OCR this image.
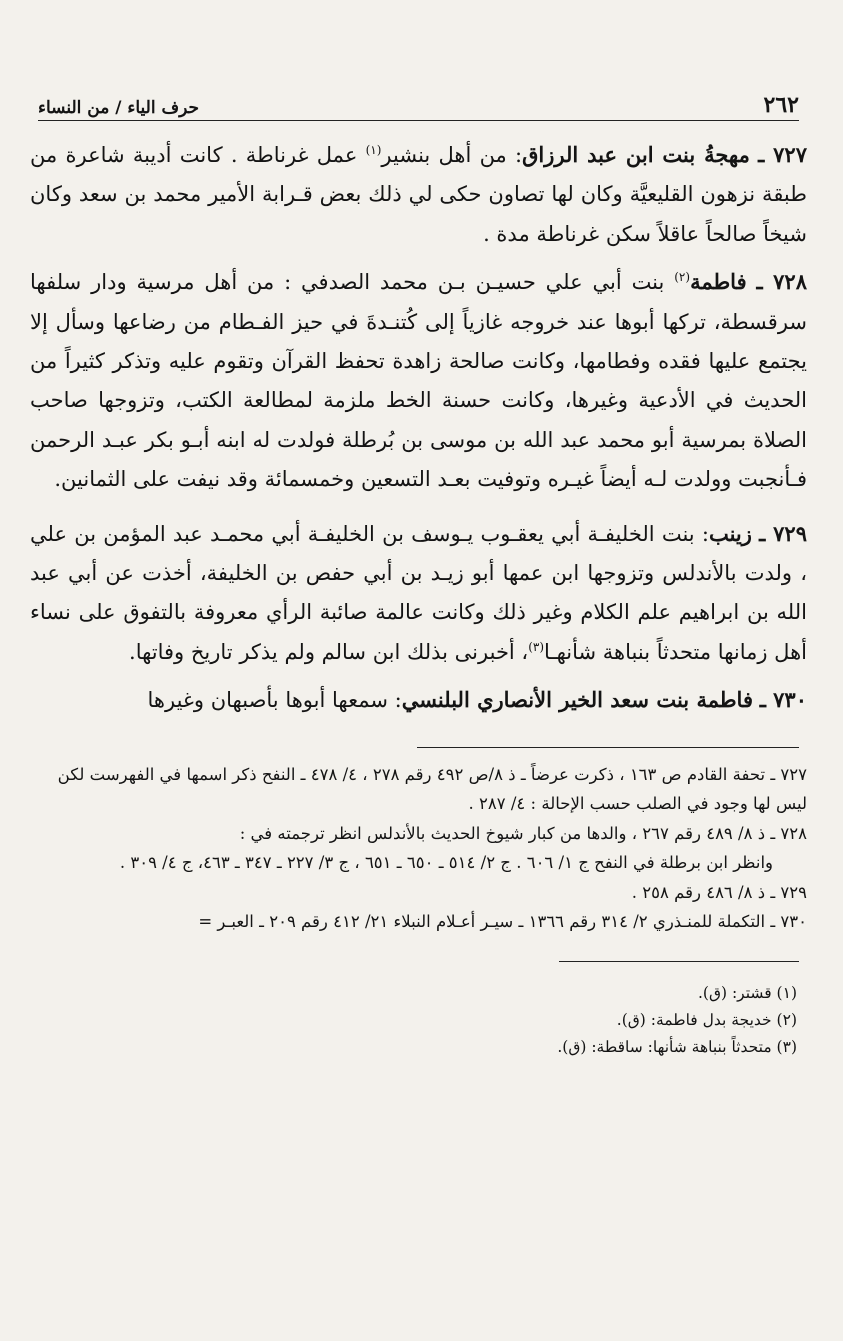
٢٦٢
حرف الياء / من النساء

٧٢٧ ـ مهجةُ بنت ابن عبد الرزاق: من أهل بنشير$^{(١)}$ عمل غرناطة . كانت أديبة شاعرة من طبقة نزهون القليعيَّة وكان لها تصاون حكى لي ذلك بعض قـرابة الأمير محمد بن سعد وكان شيخاً صالحاً عاقلاً سكن غرناطة مدة .

٧٢٨ ـ فاطمة$^{(٢)}$ بنت أبي علي حسيـن بـن محمد الصدفي : من أهل مرسية ودار سلفها سرقسطة، تركها أبوها عند خروجه غازياً إلى كُتنـدةَ في حيز الفـطام من رضاعها وسأل إلا يجتمع عليها فقده وفطامها، وكانت صالحة زاهدة تحفظ القرآن وتقوم عليه وتذكر كثيراً من الحديث في الأدعية وغيرها، وكانت حسنة الخط ملزمة لمطالعة الكتب، وتزوجها صاحب الصلاة بمرسية أبو محمد عبد الله بن موسى بن بُرطلة فولدت له ابنه أبـو بكر عبـد الرحمن فـأنجبت وولدت لـه أيضاً غيـره وتوفيت بعـد التسعين وخمسمائة وقد نيفت على الثمانين.

٧٢٩ ـ زينب: بنت الخليفـة أبي يعقـوب يـوسف بن الخليفـة أبي محمـد عبد المؤمن بن علي ، ولدت بالأندلس وتزوجها ابن عمها أبو زيـد بن أبي حفص بن الخليفة، أخذت عن أبي عبد الله بن ابراهيم علم الكلام وغير ذلك وكانت عالمة صائبة الرأي معروفة بالتفوق على نساء أهل زمانها متحدثاً بنباهة شأنهـا$^{(٣)}$، أخبرنى بذلك ابن سالم ولم يذكر تاريخ وفاتها.

٧٣٠ ـ فاطمة بنت سعد الخير الأنصاري البلنسي: سمعها أبوها بأصبهان وغيرها

٧٢٧ ـ تحفة القادم ص ١٦٣ ، ذكرت عرضاً ـ ذ ٨/ص ٤٩٢ رقم ٢٧٨ ، ٤/ ٤٧٨ ـ النفح ذكر اسمها في الفهرست لكن ليس لها وجود في الصلب حسب الإحالة : ٤/ ٢٨٧ .

٧٢٨ ـ ذ ٨/ ٤٨٩ رقم ٢٦٧ ، والدها من كبار شيوخ الحديث بالأندلس انظر ترجمته في :

وانظر ابن برطلة في النفح ج ١/ ٦٠٦ . ج ٢/ ٥١٤ ـ ٦٥٠ ـ ٦٥١ ، ج ٣/ ٢٢٧ ـ ٣٤٧ ـ ٤٦٣، ج ٤/ ٣٠٩ .

٧٢٩ ـ ذ ٨/ ٤٨٦ رقم ٢٥٨ .

٧٣٠ ـ التكملة للمنـذري ٢/ ٣١٤ رقم ١٣٦٦ ـ سيـر أعـلام النبلاء ٢١/ ٤١٢ رقم ٢٠٩ ـ العبـر =

(١) قشتر: (ق).

(٢) خديجة بدل فاطمة: (ق).

(٣) متحدثاً بنباهة شأنها: ساقطة: (ق).
